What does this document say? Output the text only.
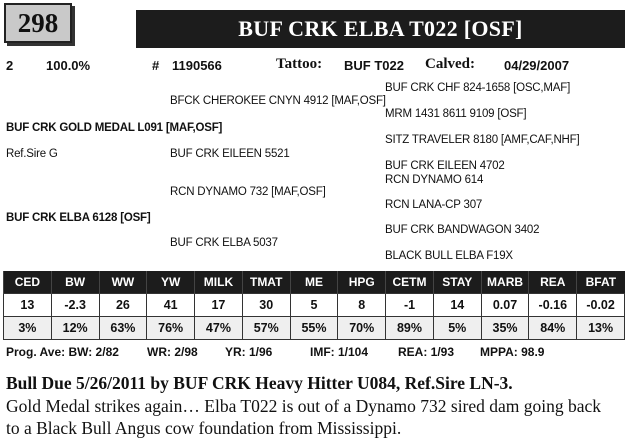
298	BUF CRK ELBA T022 [OSF]
2	100.0%	# 1190566	Tattoo: BUF T022 Calved: 04/29/2007
BUF CRK CHF 824-1658 [OSC,MAF]
BFCK CHEROKEE CNYN 4912 [MAF,OSF]
MRM 1431 8611 9109 [OSF]
BUF CRK GOLD MEDAL L091 [MAF,OSF]
SITZ TRAVELER 8180 [AMF,CAF,NHF]
Ref.Sire G	BUF CRK EILEEN 5521
BUF CRK EILEEN 4702
RCN DYNAMO 614
RCN DYNAMO 732 [MAF,OSF]
RCN LANA-CP 307
BUF CRK ELBA 6128 [OSF]
BUF CRK BANDWAGON 3402
BUF CRK ELBA 5037
BLACK BULL ELBA F19X
CED	BW	WW	YW	MILK	TMAT	ME	HPG	CETM	STAY	MARB	REA	BFAT
13	-2.3	26	41	17	30	5	8	-1	14	0.07	-0.16	-0.02
3%	12%	63%	76%	47%	57%	55%	70%	89%	5%	35%	84%	13%
Prog. Ave: BW: 2/82 WR: 2/98 YR: 1/96	IMF: 1/104 REA: 1/93 MPPA: 98.9
Bull Due 5/26/2011 by BUF CRK Heavy Hitter U084, Ref.Sire LN-3.
Gold Medal strikes again… Elba T022 is out of a Dynamo 732 sired dam going back
to a Black Bull Angus cow foundation from Mississippi.
